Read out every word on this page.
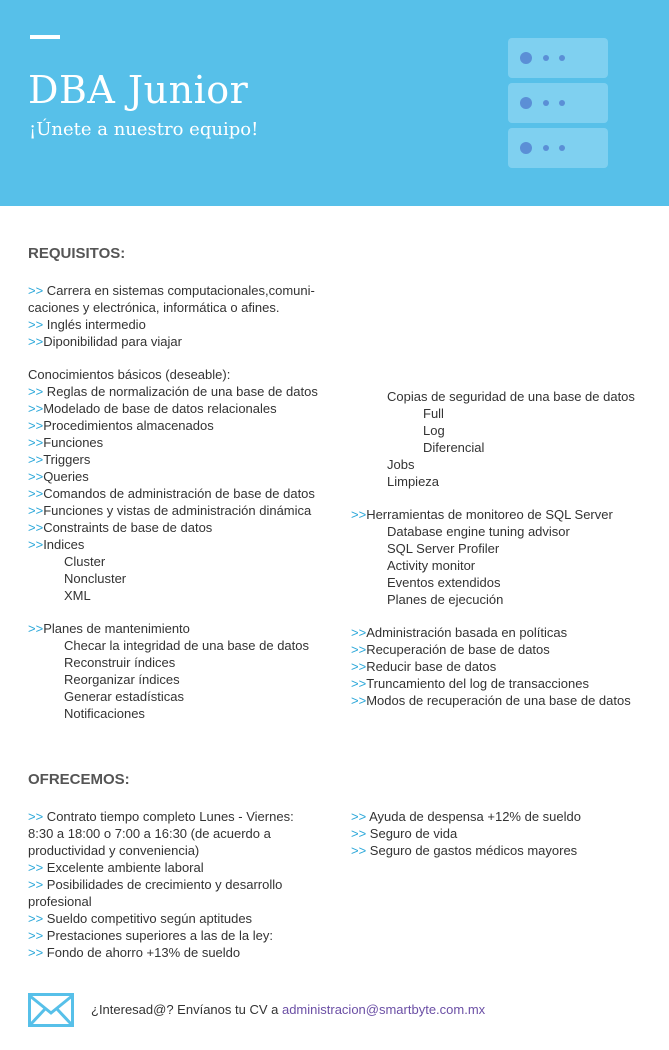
DBA Junior
¡Únete a nuestro equipo!
REQUISITOS:
>> Carrera en sistemas computacionales,comuni-
caciones y electrónica, informática o afines.
>> Inglés intermedio
>>Diponibilidad para viajar
Conocimientos básicos (deseable):
>> Reglas de normalización de una base de datos
>>Modelado de base de datos relacionales
>>Procedimientos almacenados
>>Funciones
>>Triggers
>>Queries
>>Comandos de administración de base de datos
>>Funciones y vistas de administración dinámica
>>Constraints de base de datos
>>Indices
Cluster
Noncluster
XML
>>Planes de mantenimiento
Checar la integridad de una base de datos
Reconstruir índices
Reorganizar índices
Generar estadísticas
Notificaciones
Copias de seguridad de una base de datos
Full
Log
Diferencial
Jobs
Limpieza
>>Herramientas de monitoreo de SQL Server
Database engine tuning advisor
SQL Server Profiler
Activity monitor
Eventos extendidos
Planes de ejecución
>>Administración basada en políticas
>>Recuperación de base de datos
>>Reducir base de datos
>>Truncamiento del log de transacciones
>>Modos de recuperación de una base de datos
OFRECEMOS:
>> Contrato tiempo completo Lunes - Viernes:
8:30 a 18:00 o 7:00 a 16:30 (de acuerdo a
productividad y conveniencia)
>> Excelente ambiente laboral
>> Posibilidades de crecimiento y desarrollo
profesional
>> Sueldo competitivo según aptitudes
>> Prestaciones superiores a las de la ley:
>> Fondo de ahorro +13% de sueldo
>> Ayuda de despensa +12% de sueldo
>> Seguro de vida
>> Seguro de gastos médicos mayores
¿Interesad@? Envíanos tu CV a administracion@smartbyte.com.mx
